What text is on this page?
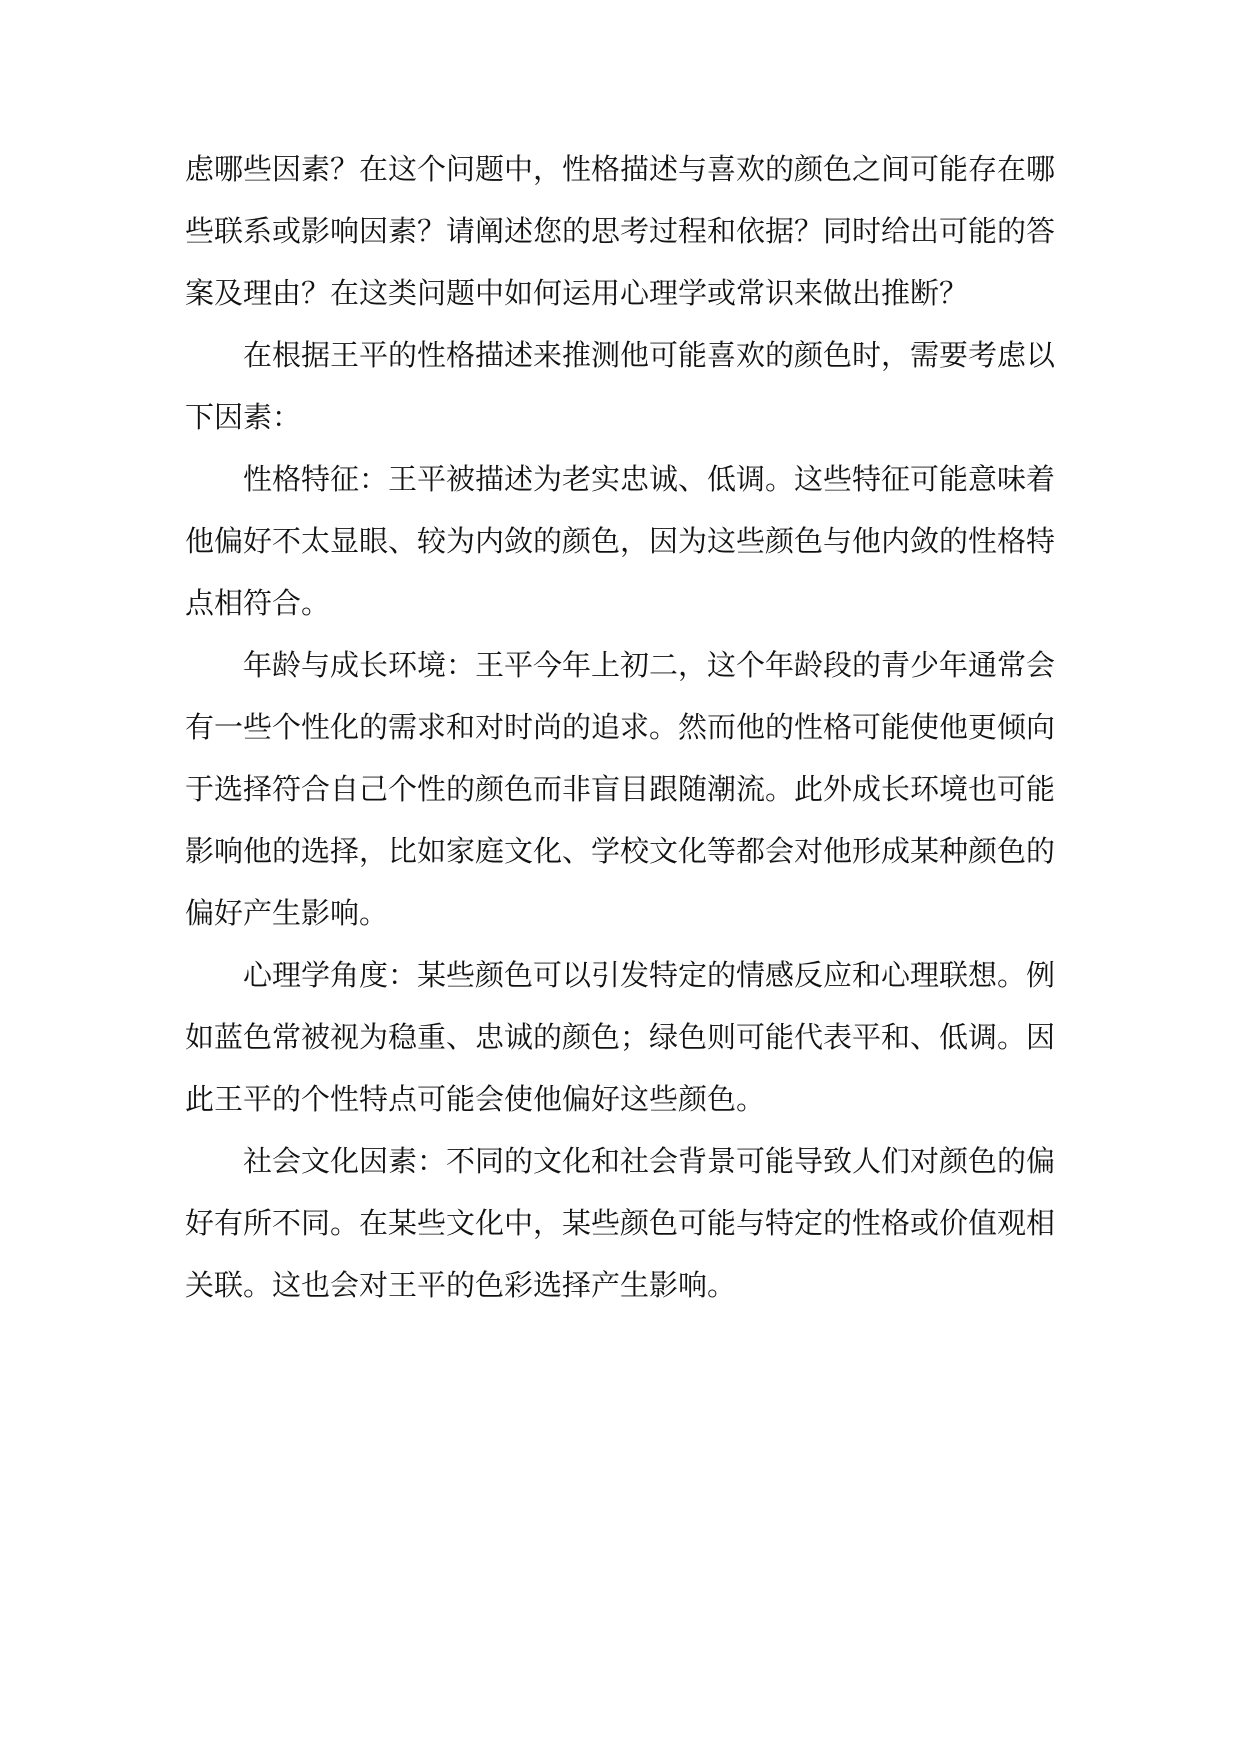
虑哪些因素？在这个问题中，性格描述与喜欢的颜色之间可能存在哪些联系或影响因素？请阐述您的思考过程和依据？同时给出可能的答案及理由？在这类问题中如何运用心理学或常识来做出推断？

在根据王平的性格描述来推测他可能喜欢的颜色时，需要考虑以下因素：

性格特征：王平被描述为老实忠诚、低调。这些特征可能意味着他偏好不太显眼、较为内敛的颜色，因为这些颜色与他内敛的性格特点相符合。

年龄与成长环境：王平今年上初二，这个年龄段的青少年通常会有一些个性化的需求和对时尚的追求。然而他的性格可能使他更倾向于选择符合自己个性的颜色而非盲目跟随潮流。此外成长环境也可能影响他的选择，比如家庭文化、学校文化等都会对他形成某种颜色的偏好产生影响。

心理学角度：某些颜色可以引发特定的情感反应和心理联想。例如蓝色常被视为稳重、忠诚的颜色；绿色则可能代表平和、低调。因此王平的个性特点可能会使他偏好这些颜色。

社会文化因素：不同的文化和社会背景可能导致人们对颜色的偏好有所不同。在某些文化中，某些颜色可能与特定的性格或价值观相关联。这也会对王平的色彩选择产生影响。
